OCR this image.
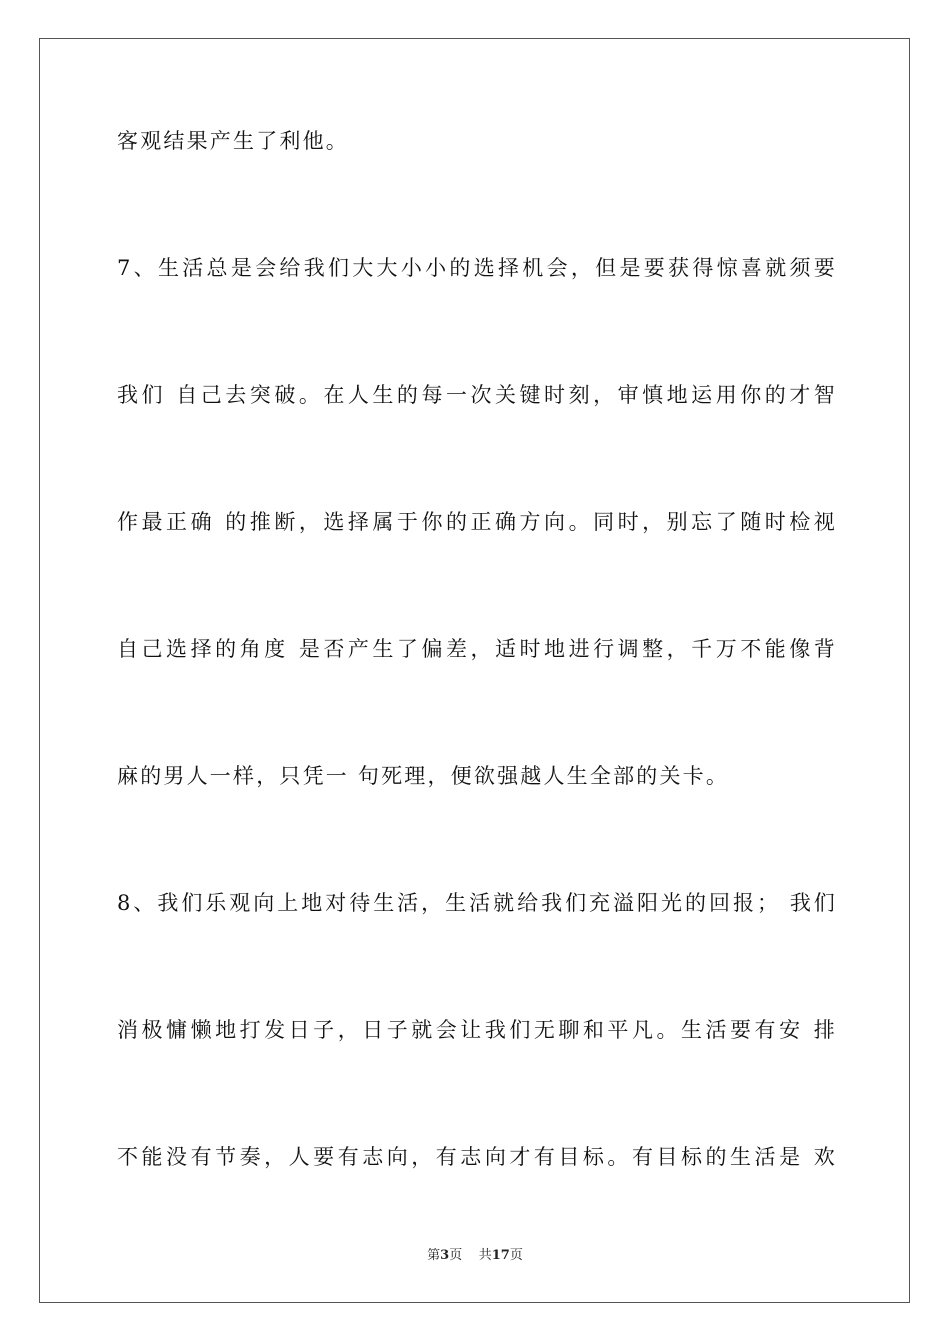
客观结果产生了利他。
7、生活总是会给我们大大小小的选择机会，但是要获得惊喜就须要
我们 自己去突破。在人生的每一次关键时刻，审慎地运用你的才智
作最正确 的推断，选择属于你的正确方向。同时，别忘了随时检视
自己选择的角度 是否产生了偏差，适时地进行调整，千万不能像背
麻的男人一样，只凭一 句死理，便欲强越人生全部的关卡。
8、我们乐观向上地对待生活，生活就给我们充溢阳光的回报； 我们
消极慵懒地打发日子，日子就会让我们无聊和平凡。生活要有安 排
不能没有节奏，人要有志向，有志向才有目标。有目标的生活是 欢
第3页 共17页
